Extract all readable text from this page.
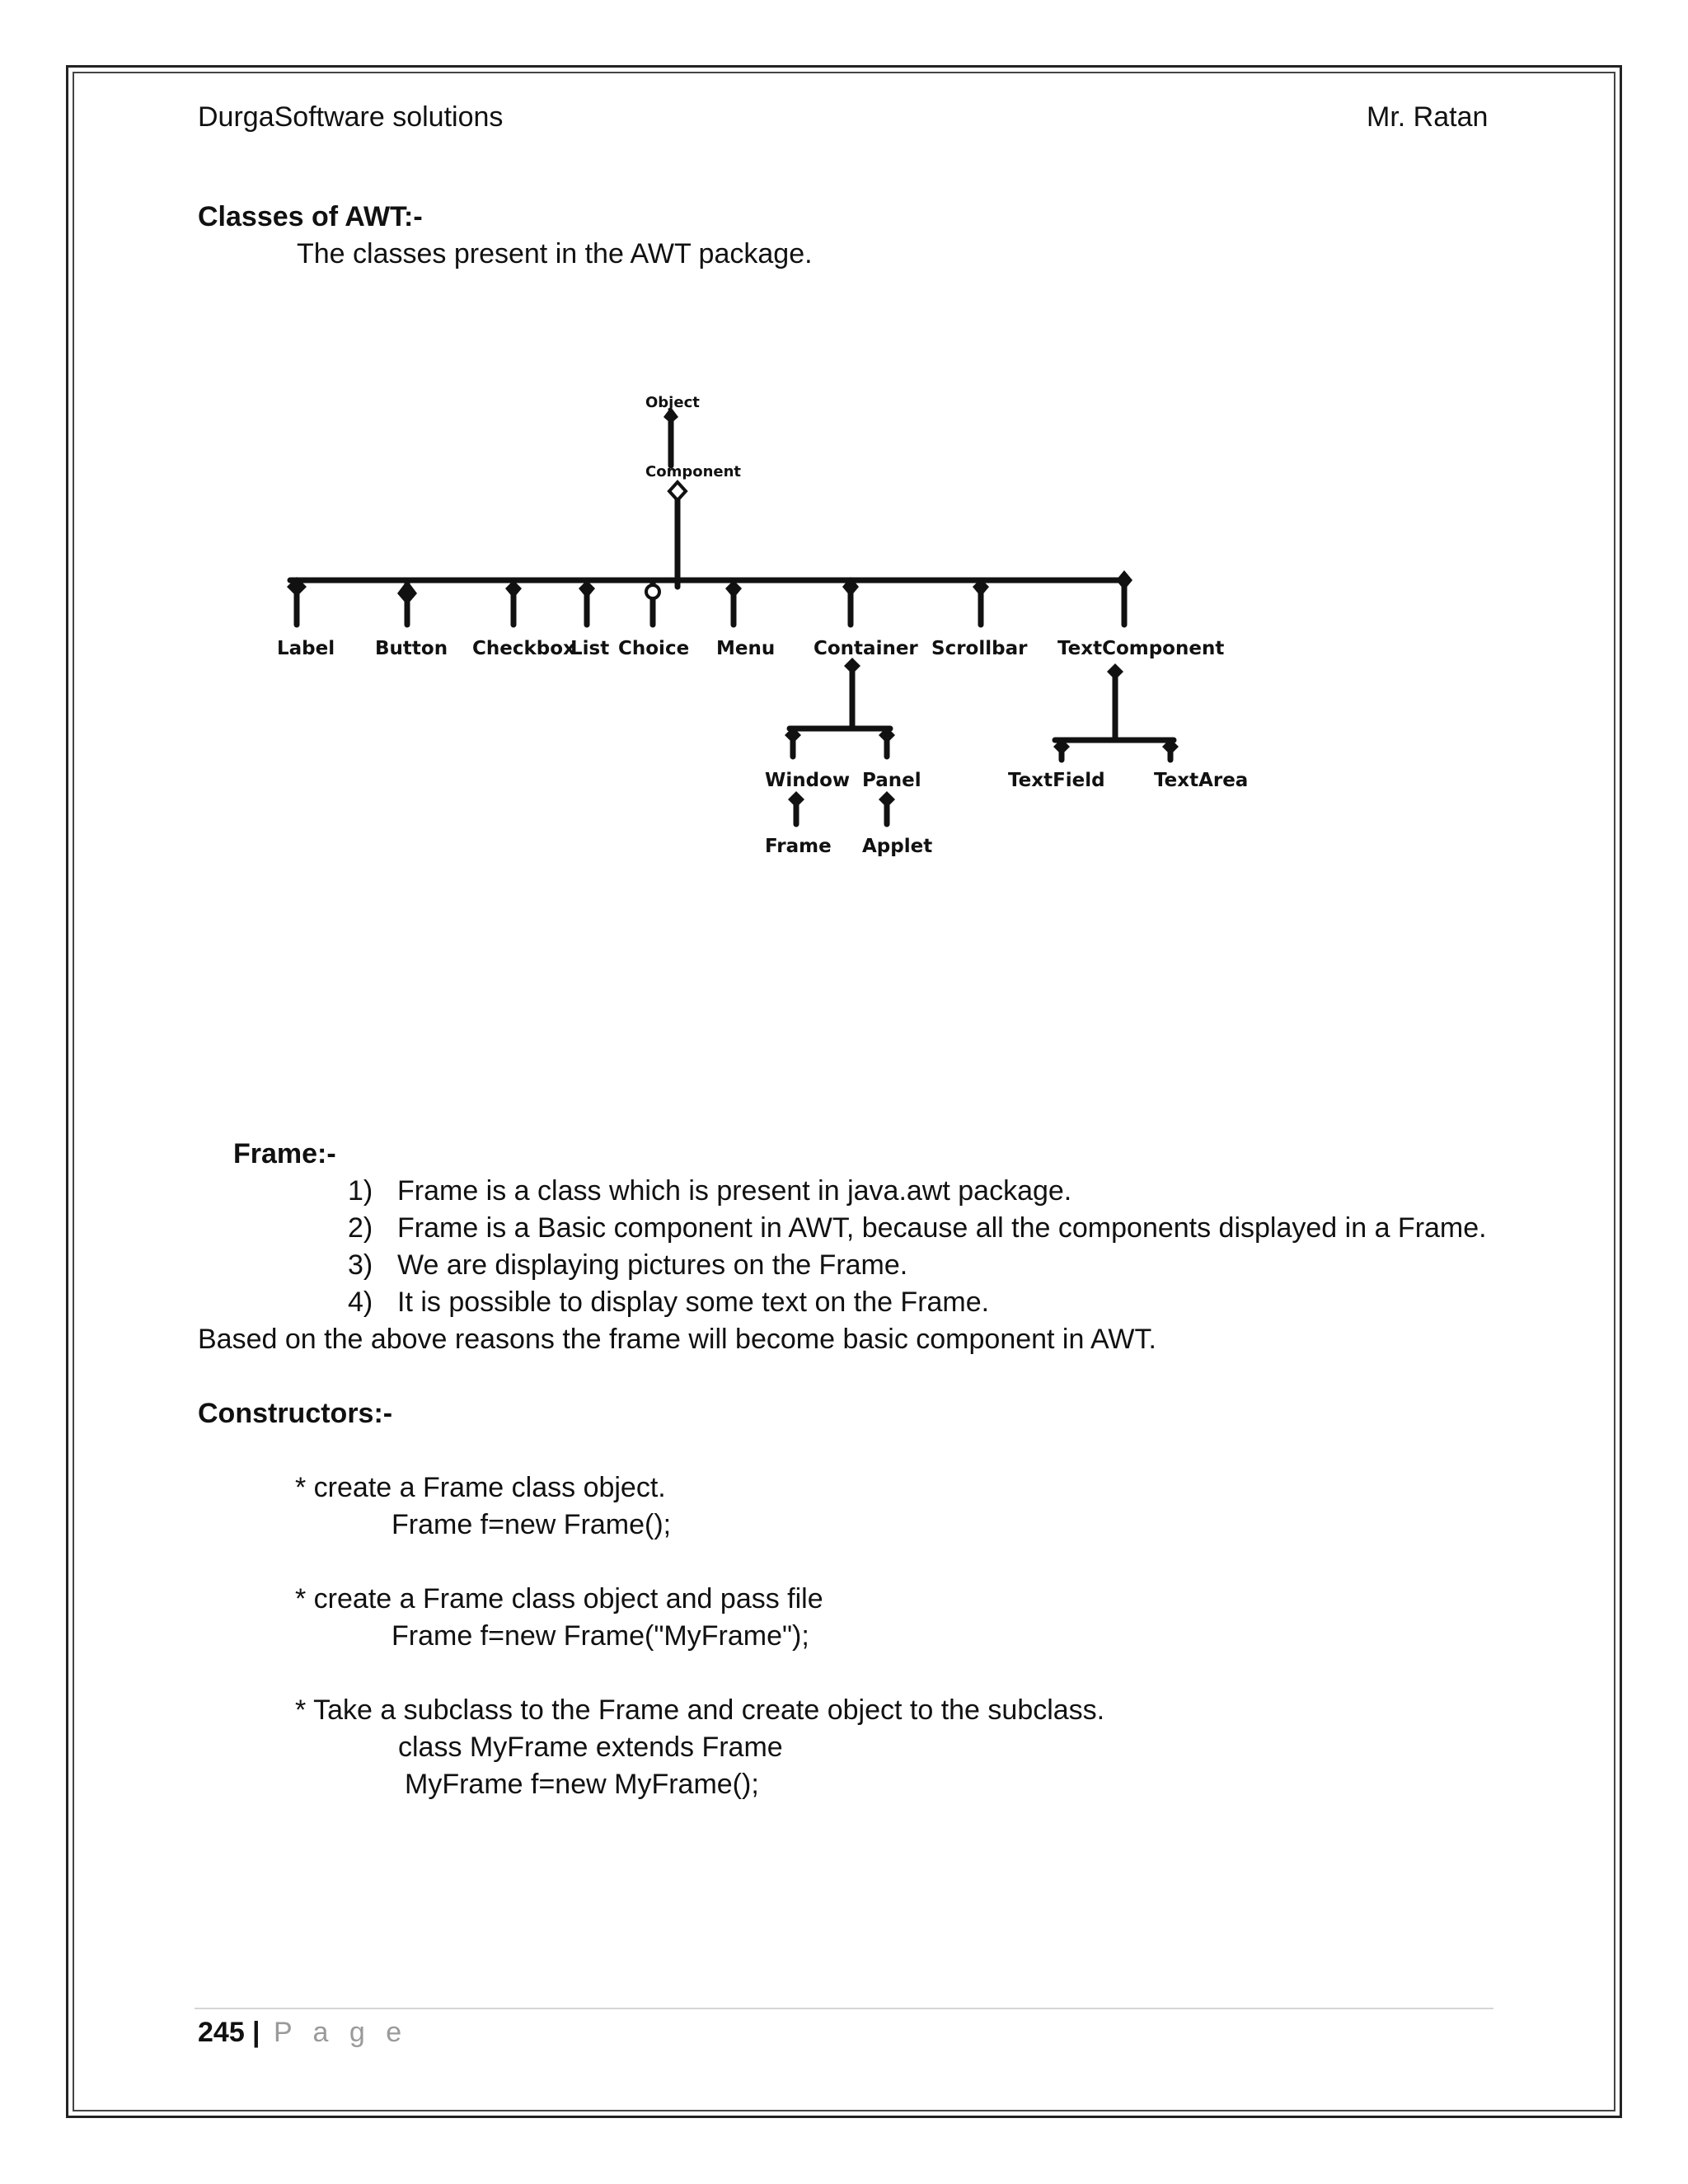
DurgaSoftware solutions	Mr. Ratan
Classes of AWT:-
The classes present in the AWT package.
Object
Component
Label Button Checkbox
List Choice Menu Container Scrollbar TextComponent
Window Panel	TextField	TextArea
Frame Applet
Frame:-
1) Frame is a class which is present in java.awt package.
2) Frame is a Basic component in AWT, because all the components displayed in a Frame.
3) We are displaying pictures on the Frame.
4) It is possible to display some text on the Frame.
Based on the above reasons the frame will become basic component in AWT.
Constructors:-
* create a Frame class object.
Frame f=new Frame();
* create a Frame class object and pass file
Frame f=new Frame("MyFrame");
* Take a subclass to the Frame and create object to the subclass.
class MyFrame extends Frame
MyFrame f=new MyFrame();
245 | P a g e
